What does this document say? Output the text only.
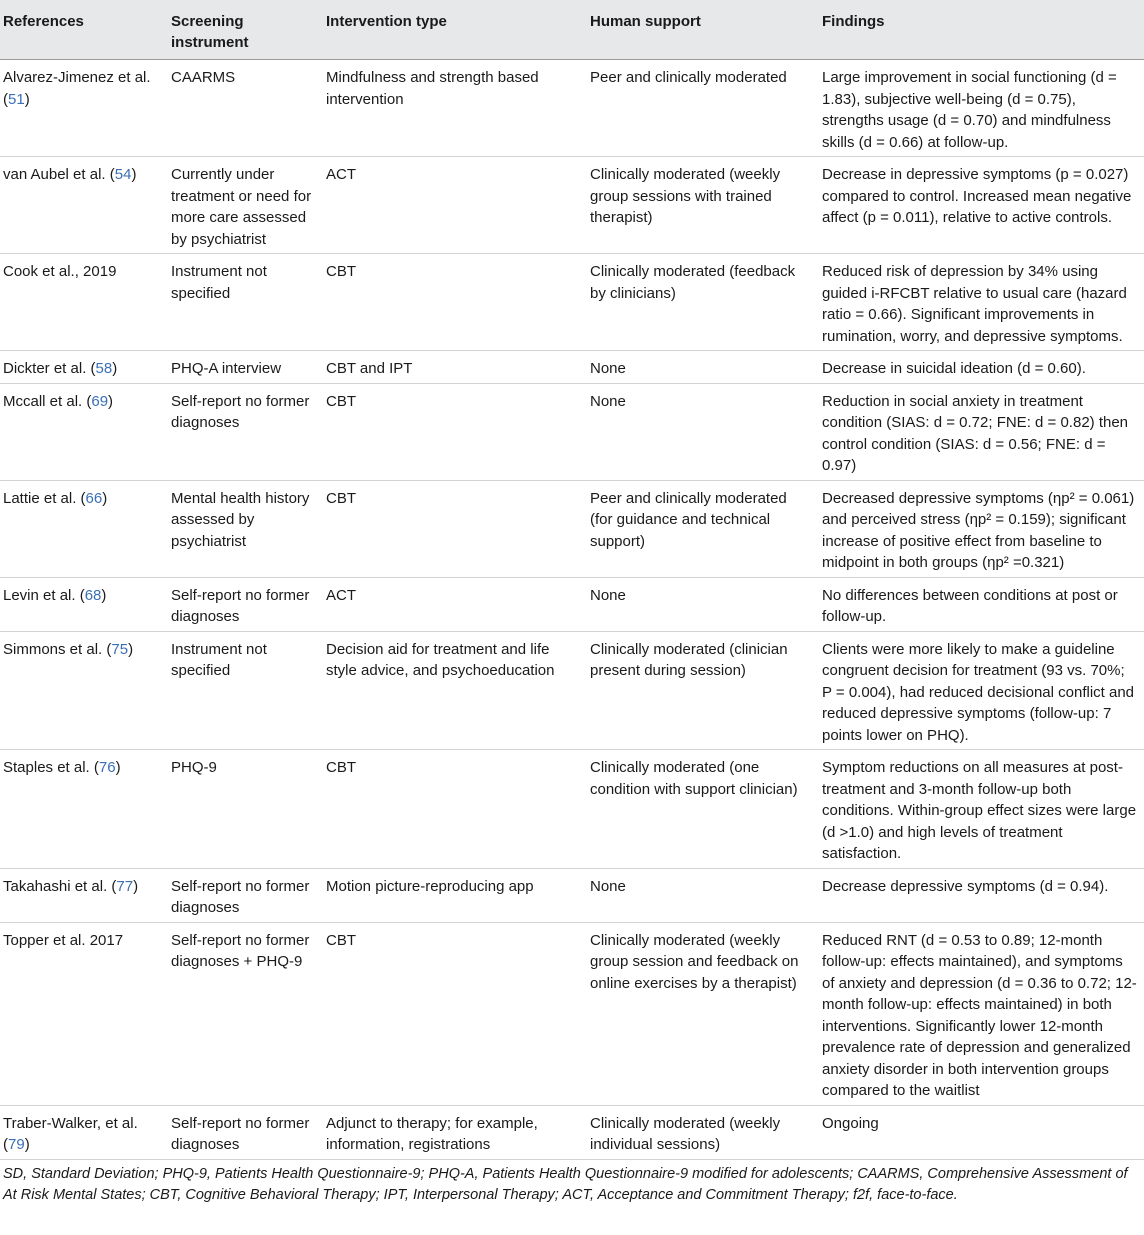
References	Screening instrument	Intervention type	Human support	Findings
Alvarez-Jimenez et al. (51)	CAARMS	Mindfulness and strength based intervention	Peer and clinically moderated	Large improvement in social functioning (d = 1.83), subjective well-being (d = 0.75), strengths usage (d = 0.70) and mindfulness skills (d = 0.66) at follow-up.
van Aubel et al. (54)	Currently under treatment or need for more care assessed by psychiatrist	ACT	Clinically moderated (weekly group sessions with trained therapist)	Decrease in depressive symptoms (p = 0.027) compared to control. Increased mean negative affect (p = 0.011), relative to active controls.
Cook et al., 2019	Instrument not specified	CBT	Clinically moderated (feedback by clinicians)	Reduced risk of depression by 34% using guided i-RFCBT relative to usual care (hazard ratio = 0.66). Significant improvements in rumination, worry, and depressive symptoms.
Dickter et al. (58)	PHQ-A interview	CBT and IPT	None	Decrease in suicidal ideation (d = 0.60).
Mccall et al. (69)	Self-report no former diagnoses	CBT	None	Reduction in social anxiety in treatment condition (SIAS: d = 0.72; FNE: d = 0.82) then control condition (SIAS: d = 0.56; FNE: d = 0.97)
Lattie et al. (66)	Mental health history assessed by psychiatrist	CBT	Peer and clinically moderated (for guidance and technical support)	Decreased depressive symptoms (ηp² = 0.061) and perceived stress (ηp² = 0.159); significant increase of positive effect from baseline to midpoint in both groups (ηp² =0.321)
Levin et al. (68)	Self-report no former diagnoses	ACT	None	No differences between conditions at post or follow-up.
Simmons et al. (75)	Instrument not specified	Decision aid for treatment and life style advice, and psychoeducation	Clinically moderated (clinician present during session)	Clients were more likely to make a guideline congruent decision for treatment (93 vs. 70%; P = 0.004), had reduced decisional conflict and reduced depressive symptoms (follow-up: 7 points lower on PHQ).
Staples et al. (76)	PHQ-9	CBT	Clinically moderated (one condition with support clinician)	Symptom reductions on all measures at post-treatment and 3-month follow-up both conditions. Within-group effect sizes were large (d >1.0) and high levels of treatment satisfaction.
Takahashi et al. (77)	Self-report no former diagnoses	Motion picture-reproducing app	None	Decrease depressive symptoms (d = 0.94).
Topper et al. 2017	Self-report no former diagnoses + PHQ-9	CBT	Clinically moderated (weekly group session and feedback on online exercises by a therapist)	Reduced RNT (d = 0.53 to 0.89; 12-month follow-up: effects maintained), and symptoms of anxiety and depression (d = 0.36 to 0.72; 12-month follow-up: effects maintained) in both interventions. Significantly lower 12-month prevalence rate of depression and generalized anxiety disorder in both intervention groups compared to the waitlist
Traber-Walker, et al. (79)	Self-report no former diagnoses	Adjunct to therapy; for example, information, registrations	Clinically moderated (weekly individual sessions)	Ongoing
SD, Standard Deviation; PHQ-9, Patients Health Questionnaire-9; PHQ-A, Patients Health Questionnaire-9 modified for adolescents; CAARMS, Comprehensive Assessment of At Risk Mental States; CBT, Cognitive Behavioral Therapy; IPT, Interpersonal Therapy; ACT, Acceptance and Commitment Therapy; f2f, face-to-face.
